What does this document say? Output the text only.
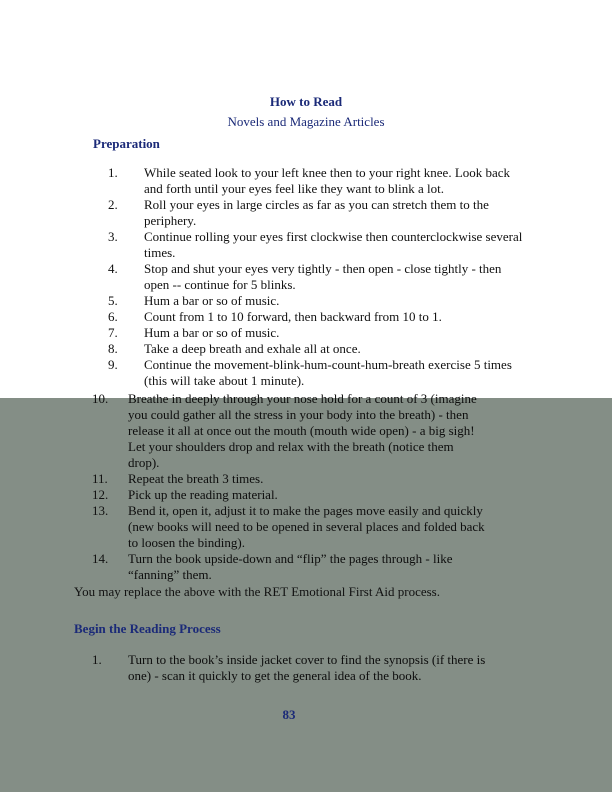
How to Read
Novels and Magazine Articles
Preparation
1.	While seated look to your left knee then to your right knee. Look back and forth until your eyes feel like they want to blink a lot.
2.	Roll your eyes in large circles as far as you can stretch them to the periphery.
3.	Continue rolling your eyes first clockwise then counterclockwise several times.
4.	Stop and shut your eyes very tightly - then open - close tightly - then open -- continue for 5 blinks.
5.	Hum a bar or so of music.
6.	Count from 1 to 10 forward, then backward from 10 to 1.
7.	Hum a bar or so of music.
8.	Take a deep breath and exhale all at once.
9.	Continue the movement-blink-hum-count-hum-breath exercise 5 times (this will take about 1 minute).
10.	Breathe in deeply through your nose hold for a count of 3 (imagine you could gather all the stress in your body into the breath) - then release it all at once out the mouth (mouth wide open) - a big sigh! Let your shoulders drop and relax with the breath (notice them drop).
11.	Repeat the breath 3 times.
12.	Pick up the reading material.
13.	Bend it, open it, adjust it to make the pages move easily and quickly (new books will need to be opened in several places and folded back to loosen the binding).
14.	Turn the book upside-down and “flip” the pages through - like “fanning” them.
You may replace the above with the RET Emotional First Aid process.
Begin the Reading Process
1.	Turn to the book’s inside jacket cover to find the synopsis (if there is one) - scan it quickly to get the general idea of the book.
83
